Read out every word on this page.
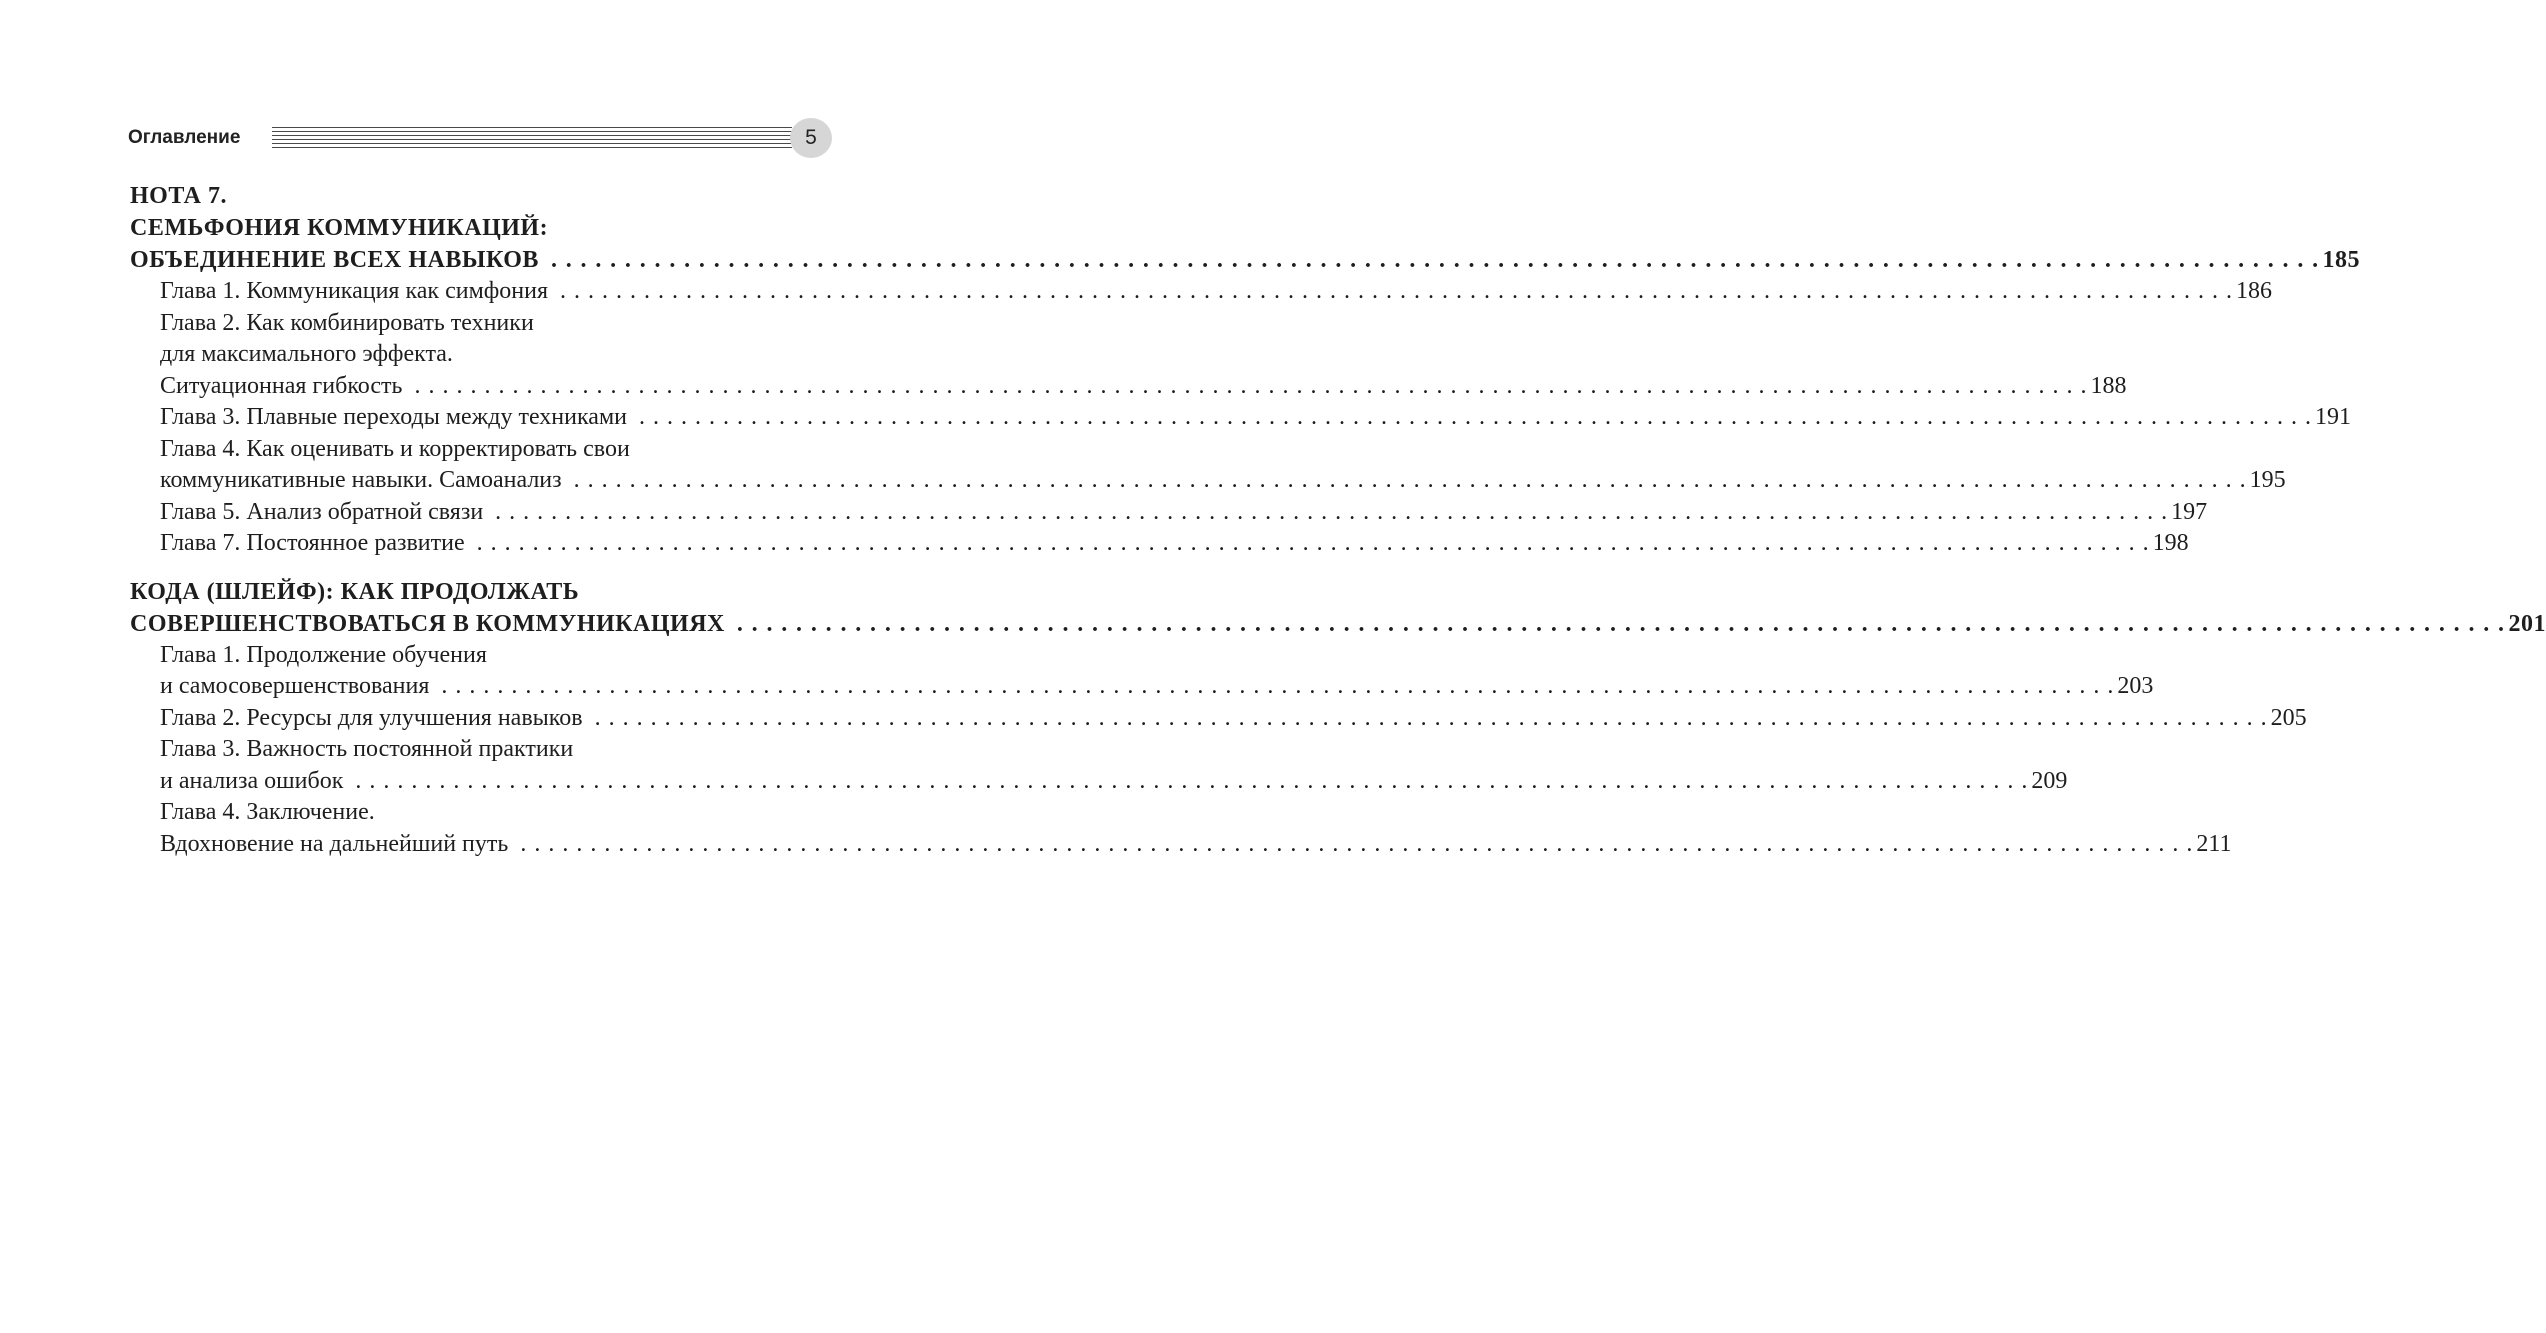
Оглавление	5
НОТА 7.
СЕМЬФОНИЯ КОММУНИКАЦИЙ:
ОБЪЕДИНЕНИЕ ВСЕХ НАВЫКОВ . . . . . . . . . . . . . . . . . . . . . . . . . . . . . . . . . . . . . . . . . . . . . . . . . . . . . . . . . . . . . . . . . . . . . . . . . . . . . . . . . . . . . . . . . . . . . . . . . . . . . . . . . . . . . . . . . . . . . . . . 185
Глава 1. Коммуникация как симфония . . . . . . . . . . . . . . . . . . . . . . . . . . . . . . . . . . . . . . . . . . . . . . . . . . . . . . . . . . . . . . . . . . . . . . . . . . . . . . . . . . . . . . . . . . . . . . . . . . . . . . . . . . . . . . . . . . . . . . . . 186
Глава 2. Как комбинировать техники
для максимального эффекта.
Ситуационная гибкость . . . . . . . . . . . . . . . . . . . . . . . . . . . . . . . . . . . . . . . . . . . . . . . . . . . . . . . . . . . . . . . . . . . . . . . . . . . . . . . . . . . . . . . . . . . . . . . . . . . . . . . . . . . . . . . . . . . . . . . . 188
Глава 3. Плавные переходы между техниками . . . . . . . . . . . . . . . . . . . . . . . . . . . . . . . . . . . . . . . . . . . . . . . . . . . . . . . . . . . . . . . . . . . . . . . . . . . . . . . . . . . . . . . . . . . . . . . . . . . . . . . . . . . . . . . . . . . . . . . . 191
Глава 4. Как оценивать и корректировать свои
коммуникативные навыки. Самоанализ . . . . . . . . . . . . . . . . . . . . . . . . . . . . . . . . . . . . . . . . . . . . . . . . . . . . . . . . . . . . . . . . . . . . . . . . . . . . . . . . . . . . . . . . . . . . . . . . . . . . . . . . . . . . . . . . . . . . . . . . 195
Глава 5. Анализ обратной связи . . . . . . . . . . . . . . . . . . . . . . . . . . . . . . . . . . . . . . . . . . . . . . . . . . . . . . . . . . . . . . . . . . . . . . . . . . . . . . . . . . . . . . . . . . . . . . . . . . . . . . . . . . . . . . . . . . . . . . . . 197
Глава 7. Постоянное развитие . . . . . . . . . . . . . . . . . . . . . . . . . . . . . . . . . . . . . . . . . . . . . . . . . . . . . . . . . . . . . . . . . . . . . . . . . . . . . . . . . . . . . . . . . . . . . . . . . . . . . . . . . . . . . . . . . . . . . . . . 198
КОДА (ШЛЕЙФ): КАК ПРОДОЛЖАТЬ
СОВЕРШЕНСТВОВАТЬСЯ В КОММУНИКАЦИЯХ . . . . . . . . . . . . . . . . . . . . . . . . . . . . . . . . . . . . . . . . . . . . . . . . . . . . . . . . . . . . . . . . . . . . . . . . . . . . . . . . . . . . . . . . . . . . . . . . . . . . . . . . . . . . . . . . . . . . . . . . 201
Глава 1. Продолжение обучения
и самосовершенствования . . . . . . . . . . . . . . . . . . . . . . . . . . . . . . . . . . . . . . . . . . . . . . . . . . . . . . . . . . . . . . . . . . . . . . . . . . . . . . . . . . . . . . . . . . . . . . . . . . . . . . . . . . . . . . . . . . . . . . . . 203
Глава 2. Ресурсы для улучшения навыков . . . . . . . . . . . . . . . . . . . . . . . . . . . . . . . . . . . . . . . . . . . . . . . . . . . . . . . . . . . . . . . . . . . . . . . . . . . . . . . . . . . . . . . . . . . . . . . . . . . . . . . . . . . . . . . . . . . . . . . . 205
Глава 3. Важность постоянной практики
и анализа ошибок . . . . . . . . . . . . . . . . . . . . . . . . . . . . . . . . . . . . . . . . . . . . . . . . . . . . . . . . . . . . . . . . . . . . . . . . . . . . . . . . . . . . . . . . . . . . . . . . . . . . . . . . . . . . . . . . . . . . . . . . 209
Глава 4. Заключение.
Вдохновение на дальнейший путь . . . . . . . . . . . . . . . . . . . . . . . . . . . . . . . . . . . . . . . . . . . . . . . . . . . . . . . . . . . . . . . . . . . . . . . . . . . . . . . . . . . . . . . . . . . . . . . . . . . . . . . . . . . . . . . . . . . . . . . . 211
